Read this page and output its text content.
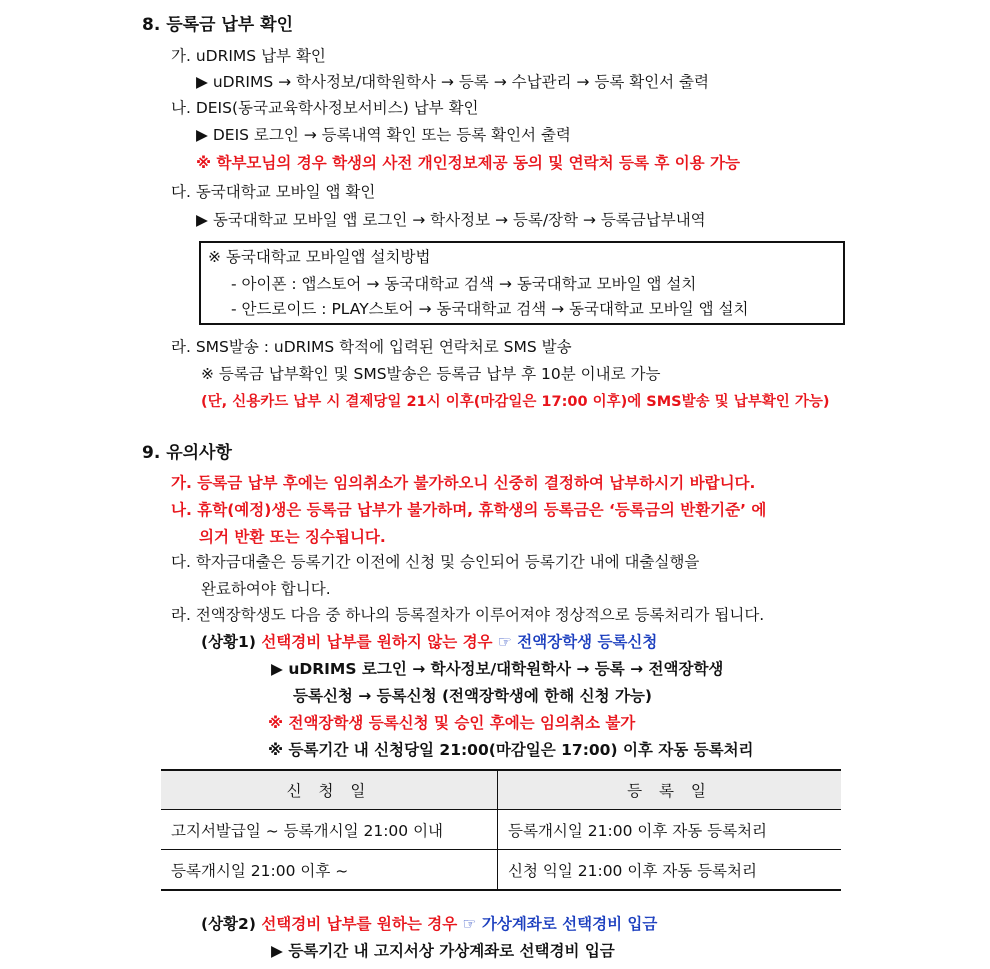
8. 등록금 납부 확인
가. uDRIMS 납부 확인
▶ uDRIMS → 학사정보/대학원학사 → 등록 → 수납관리 → 등록 확인서 출력
나. DEIS(동국교육학사정보서비스) 납부 확인
▶ DEIS 로그인 → 등록내역 확인 또는 등록 확인서 출력
※ 학부모님의 경우 학생의 사전 개인정보제공 동의 및 연락처 등록 후 이용 가능
다. 동국대학교 모바일 앱 확인
▶ 동국대학교 모바일 앱 로그인 → 학사정보 → 등록/장학 → 등록금납부내역
※ 동국대학교 모바일앱 설치방법
- 아이폰 : 앱스토어 → 동국대학교 검색 → 동국대학교 모바일 앱 설치
- 안드로이드 : PLAY스토어 → 동국대학교 검색 → 동국대학교 모바일 앱 설치
라. SMS발송 : uDRIMS 학적에 입력된 연락처로 SMS 발송
※ 등록금 납부확인 및 SMS발송은 등록금 납부 후 10분 이내로 가능
(단, 신용카드 납부 시 결제당일 21시 이후(마감일은 17:00 이후)에 SMS발송 및 납부확인 가능)
9. 유의사항
가. 등록금 납부 후에는 임의취소가 불가하오니 신중히 결정하여 납부하시기 바랍니다.
나. 휴학(예정)생은 등록금 납부가 불가하며, 휴학생의 등록금은 ‘등록금의 반환기준’ 에
의거 반환 또는 징수됩니다.
다. 학자금대출은 등록기간 이전에 신청 및 승인되어 등록기간 내에 대출실행을
완료하여야 합니다.
라. 전액장학생도 다음 중 하나의 등록절차가 이루어져야 정상적으로 등록처리가 됩니다.
(상황1) 선택경비 납부를 원하지 않는 경우 ☞ 전액장학생 등록신청
▶ uDRIMS 로그인 → 학사정보/대학원학사 → 등록 → 전액장학생
등록신청 → 등록신청 (전액장학생에 한해 신청 가능)
※ 전액장학생 등록신청 및 승인 후에는 임의취소 불가
※ 등록기간 내 신청당일 21:00(마감일은 17:00) 이후 자동 등록처리
신 청 일	등 록 일
고지서발급일 ~ 등록개시일 21:00 이내	등록개시일 21:00 이후 자동 등록처리
등록개시일 21:00 이후 ~	신청 익일 21:00 이후 자동 등록처리
(상황2) 선택경비 납부를 원하는 경우 ☞ 가상계좌로 선택경비 입금
▶ 등록기간 내 고지서상 가상계좌로 선택경비 입금
